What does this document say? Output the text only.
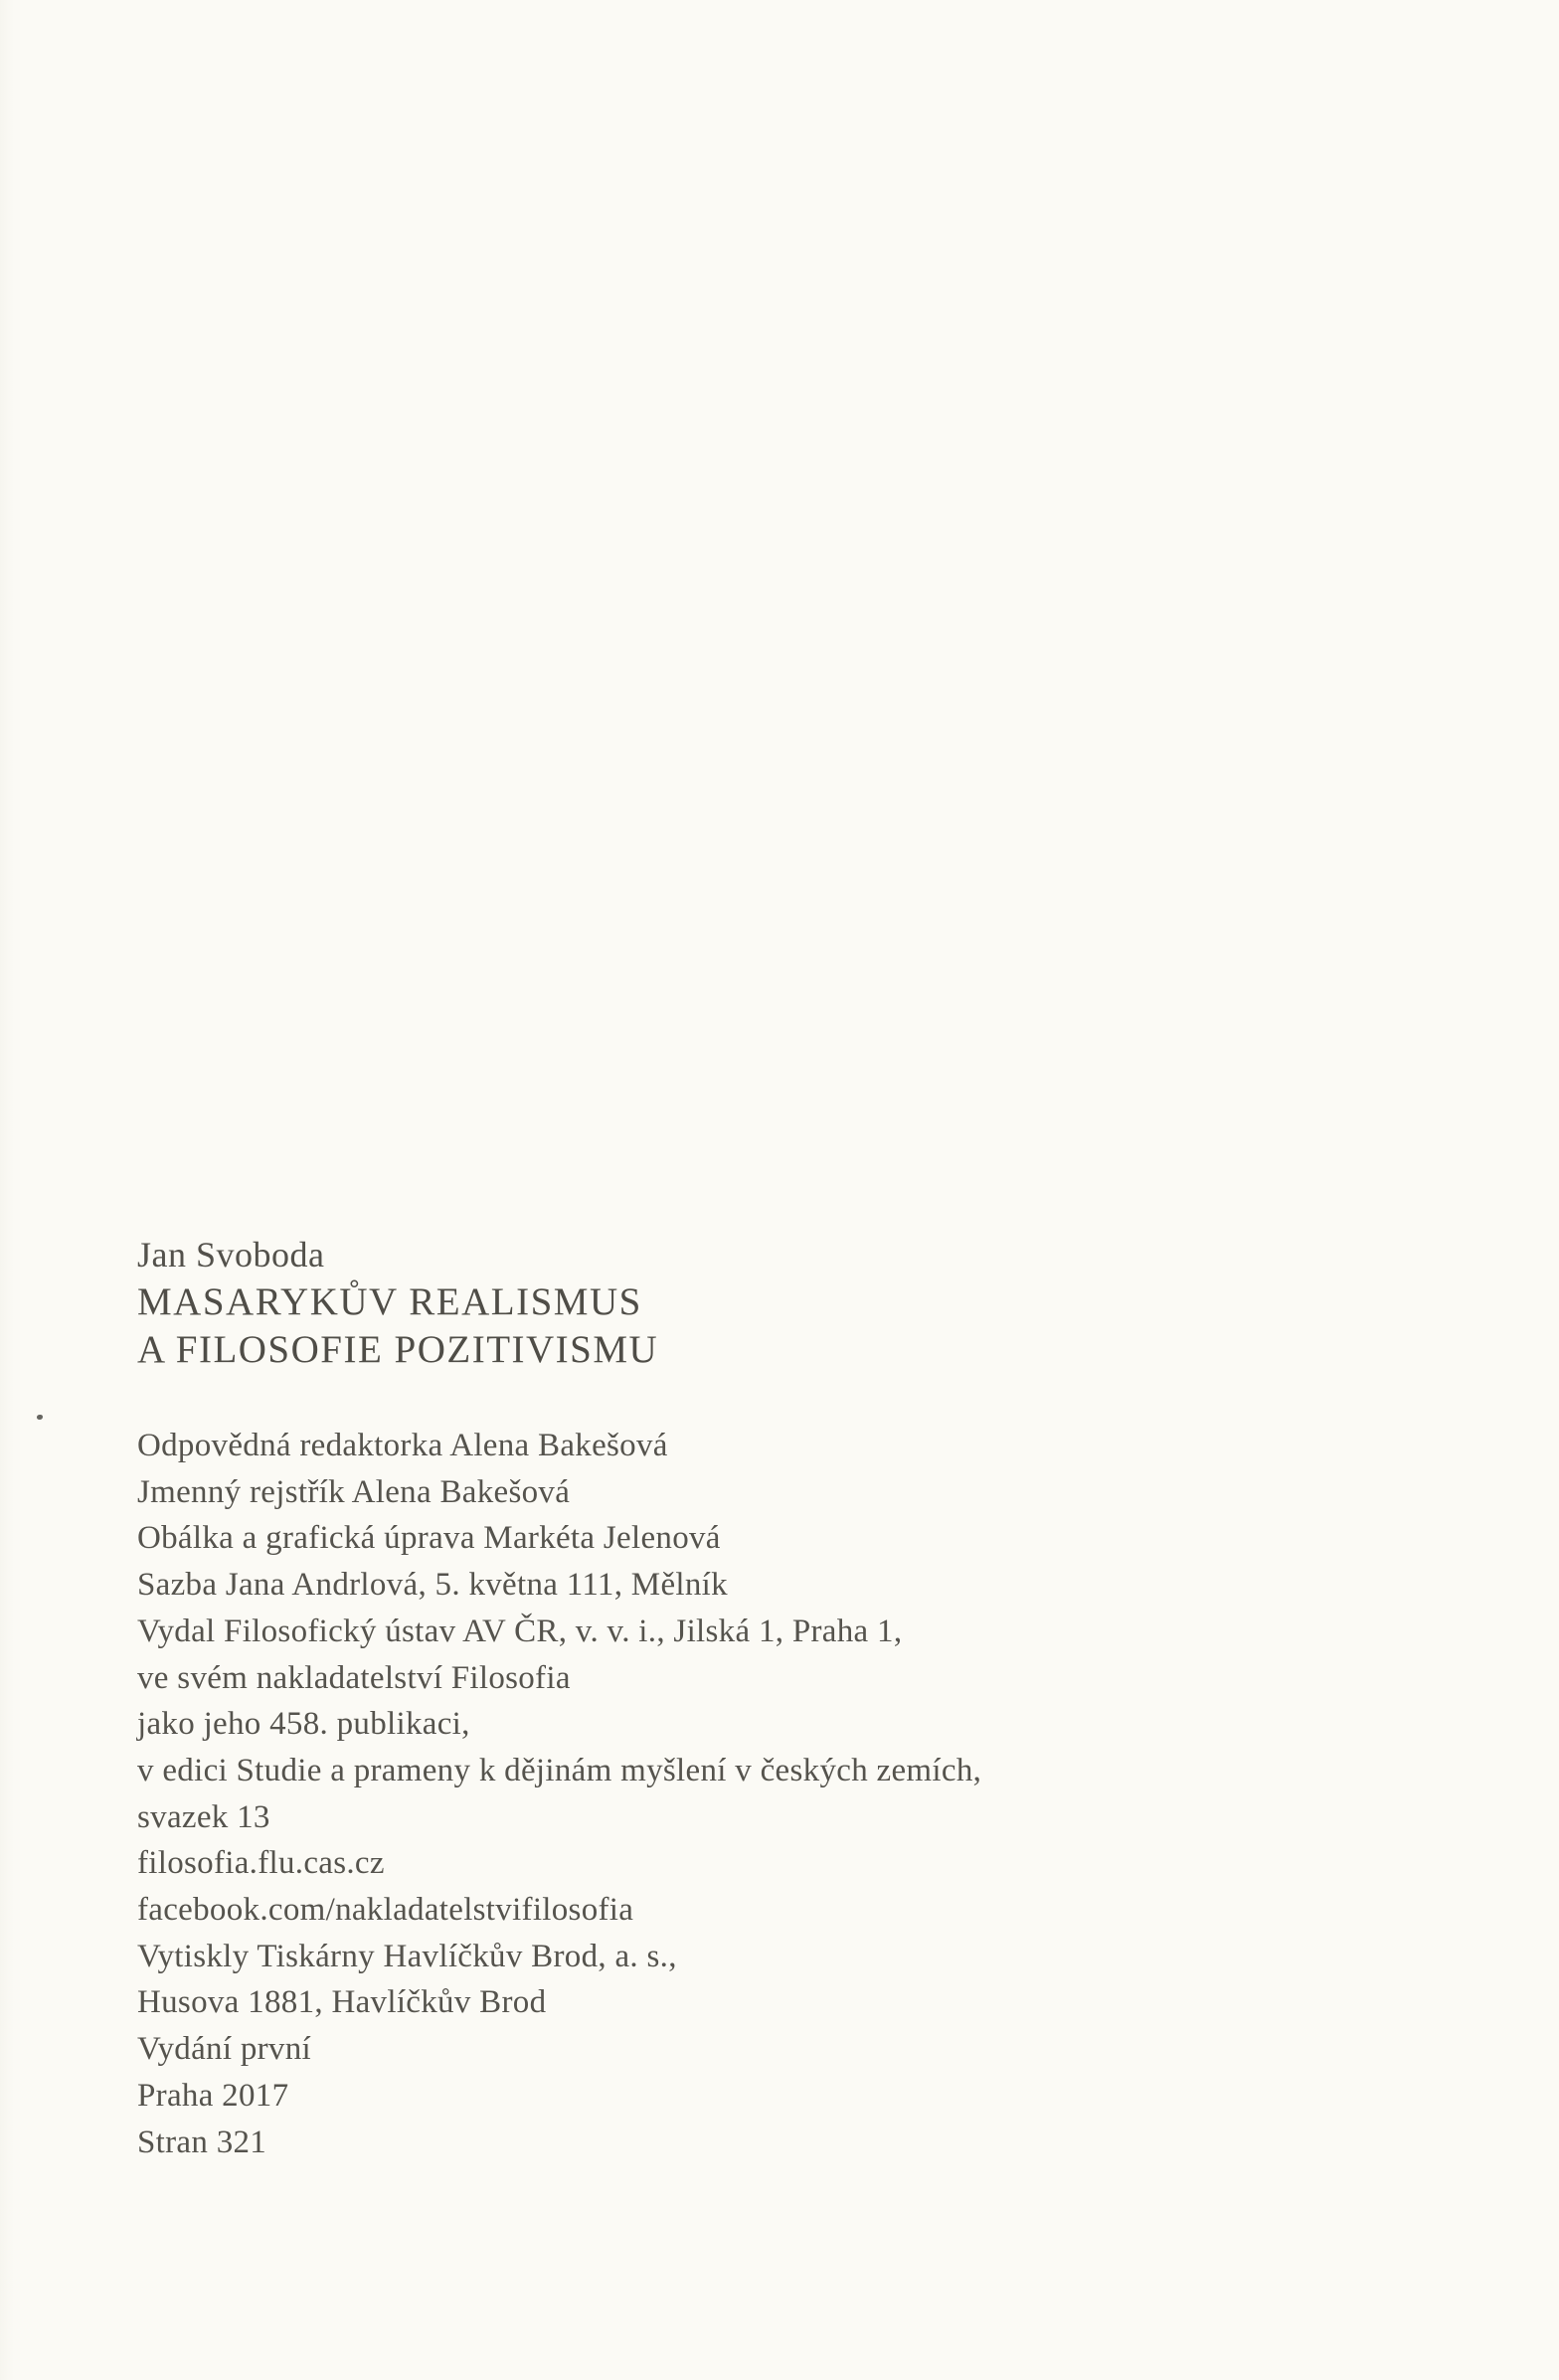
Jan Svoboda
MASARYKŮV REALISMUS
A FILOSOFIE POZITIVISMU
Odpovědná redaktorka Alena Bakešová
Jmenný rejstřík Alena Bakešová
Obálka a grafická úprava Markéta Jelenová
Sazba Jana Andrlová, 5. května 111, Mělník
Vydal Filosofický ústav AV ČR, v. v. i., Jilská 1, Praha 1,
ve svém nakladatelství Filosofia
jako jeho 458. publikaci,
v edici Studie a prameny k dějinám myšlení v českých zemích,
svazek 13
filosofia.flu.cas.cz
facebook.com/nakladatelstvifilosofia
Vytiskly Tiskárny Havlíčkův Brod, a. s.,
Husova 1881, Havlíčkův Brod
Vydání první
Praha 2017
Stran 321
